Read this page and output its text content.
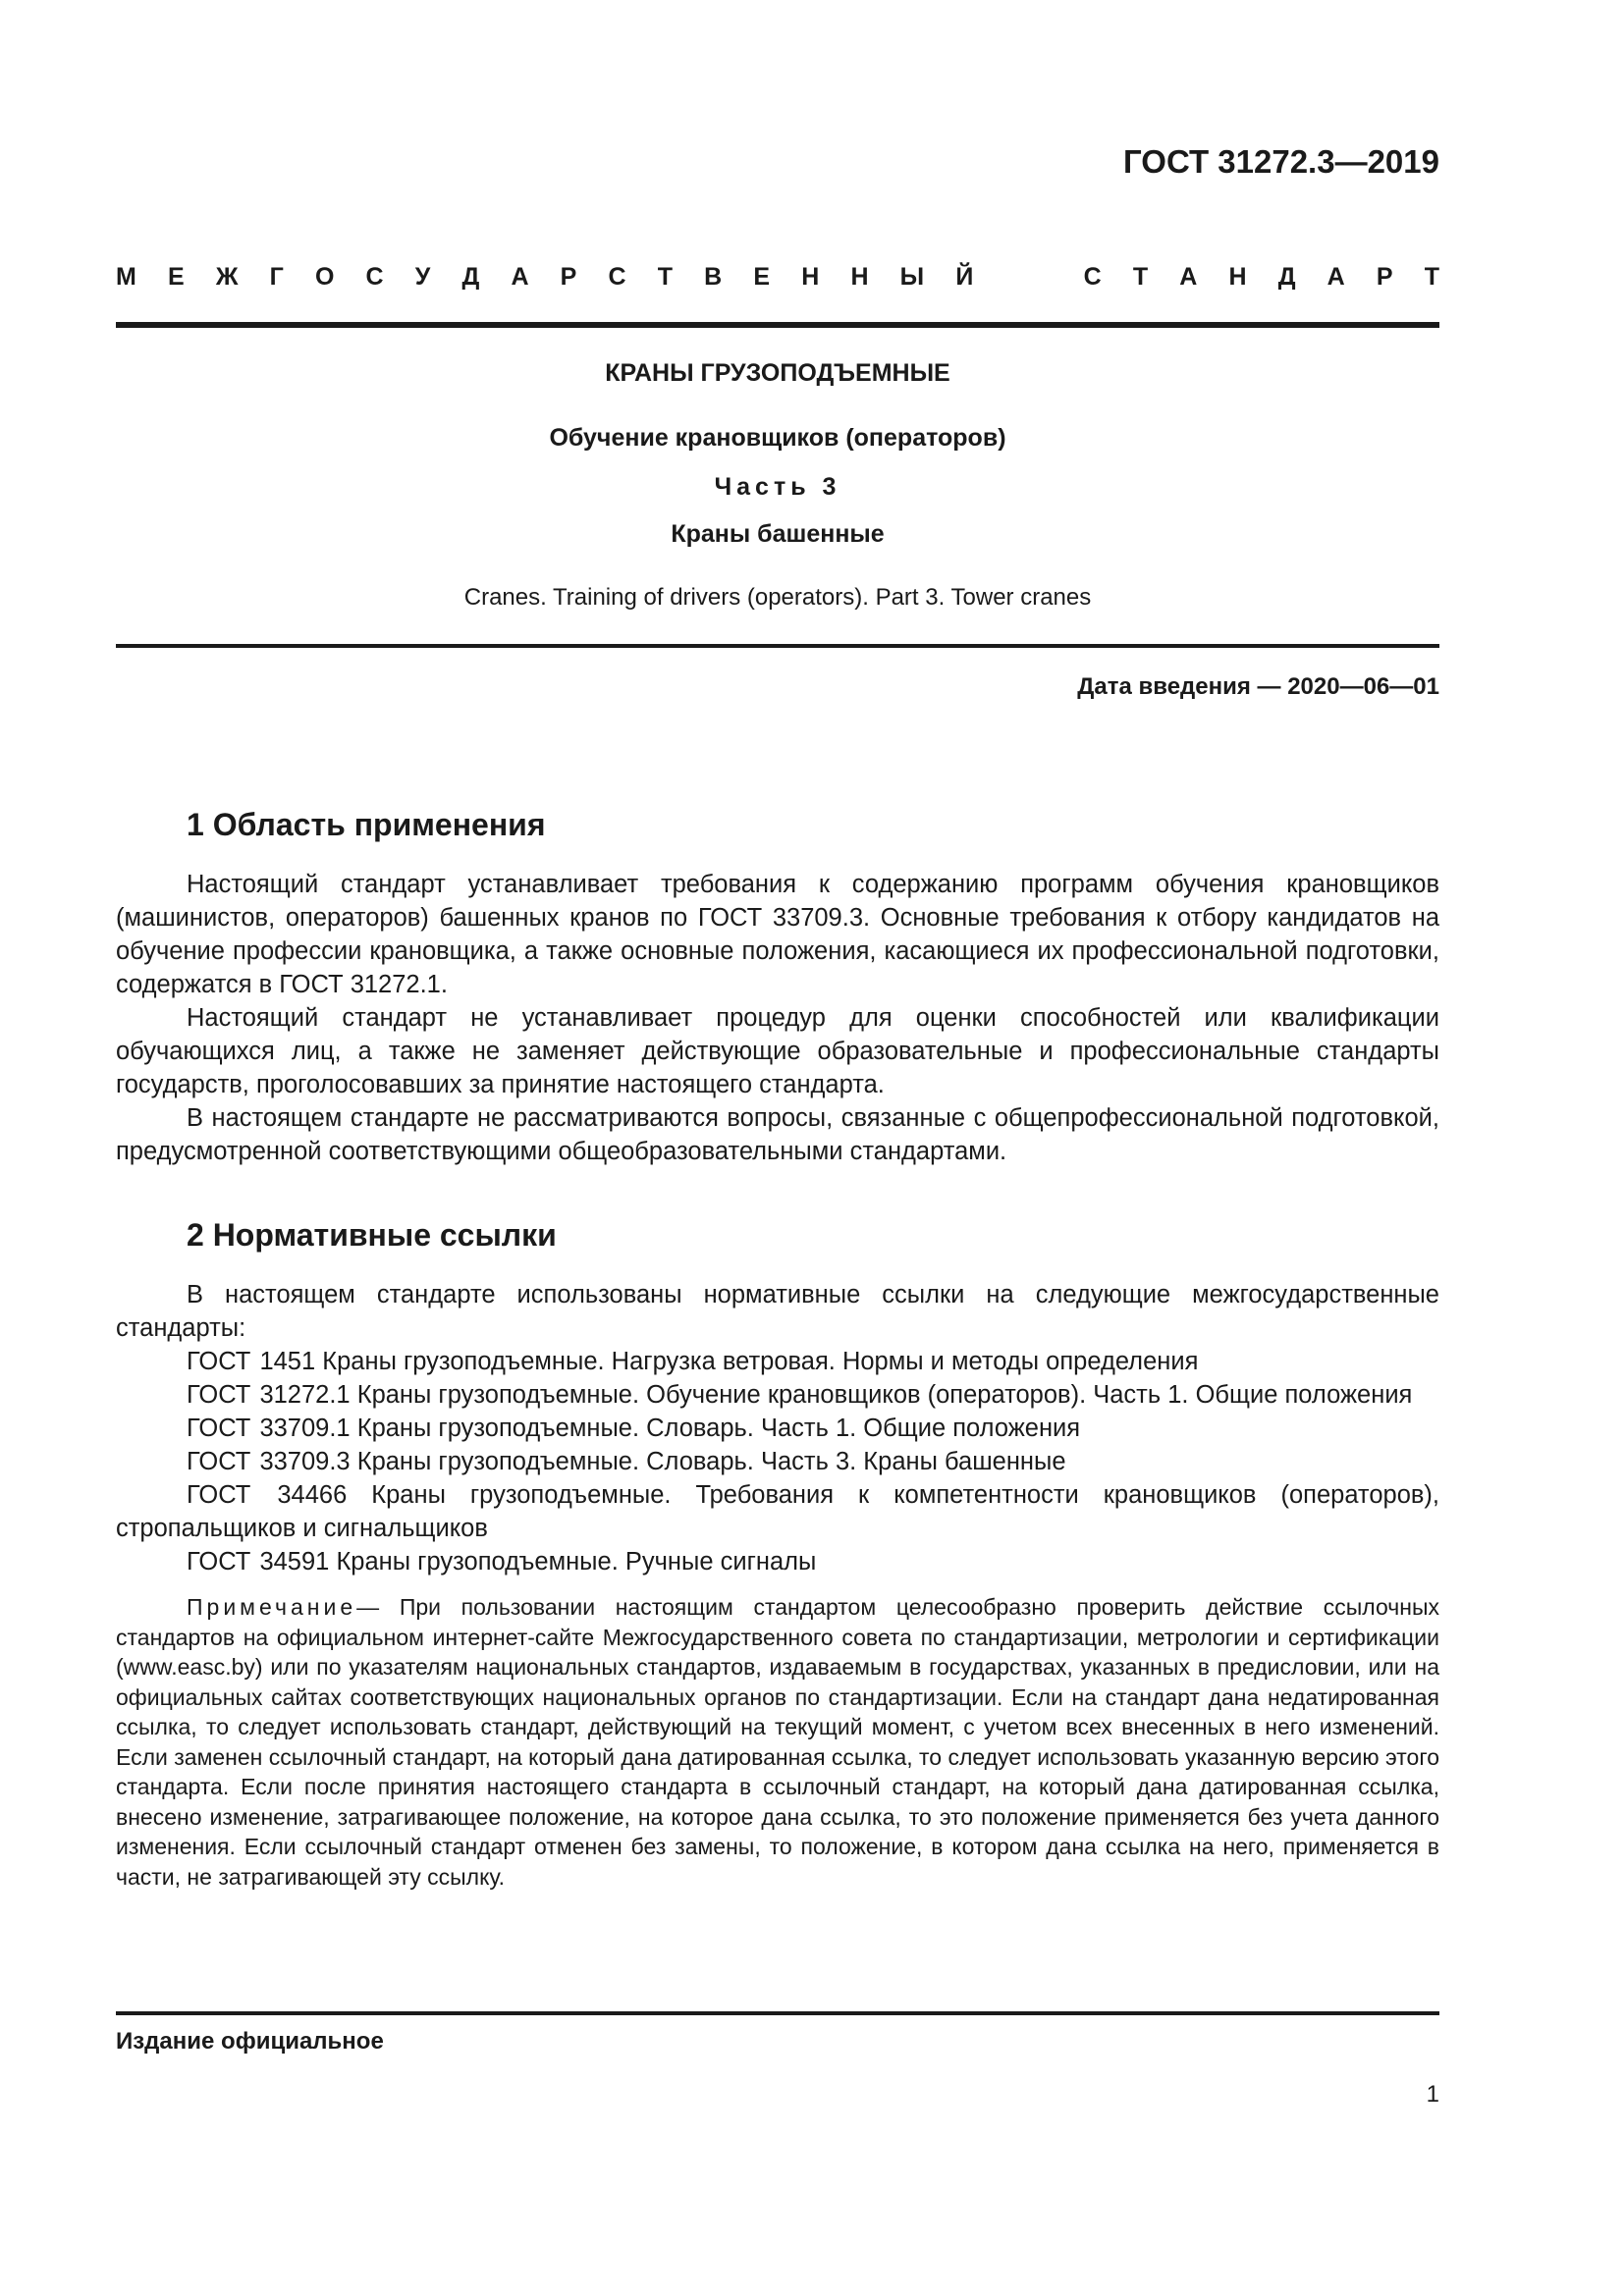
ГОСТ 31272.3—2019
М Е Ж Г О С У Д А Р С Т В Е Н Н Ы Й	С Т А Н Д А Р Т
КРАНЫ ГРУЗОПОДЪЕМНЫЕ
Обучение крановщиков (операторов)
Часть 3
Краны башенные
Cranes. Training of drivers (operators). Part 3. Tower cranes
Дата введения — 2020—06—01
1 Область применения

Настоящий стандарт устанавливает требования к содержанию программ обучения крановщиков (машинистов, операторов) башенных кранов по ГОСТ 33709.3. Основные требования к отбору кандидатов на обучение профессии крановщика, а также основные положения, касающиеся их профессиональной подготовки, содержатся в ГОСТ 31272.1.

Настоящий стандарт не устанавливает процедур для оценки способностей или квалификации обучающихся лиц, а также не заменяет действующие образовательные и профессиональные стандарты государств, проголосовавших за принятие настоящего стандарта.

В настоящем стандарте не рассматриваются вопросы, связанные с общепрофессиональной подготовкой, предусмотренной соответствующими общеобразовательными стандартами.

2 Нормативные ссылки

В настоящем стандарте использованы нормативные ссылки на следующие межгосударственные стандарты:

ГОСТ 1451 Краны грузоподъемные. Нагрузка ветровая. Нормы и методы определения

ГОСТ 31272.1 Краны грузоподъемные. Обучение крановщиков (операторов). Часть 1. Общие положения

ГОСТ 33709.1 Краны грузоподъемные. Словарь. Часть 1. Общие положения

ГОСТ 33709.3 Краны грузоподъемные. Словарь. Часть 3. Краны башенные

ГОСТ 34466 Краны грузоподъемные. Требования к компетентности крановщиков (операторов), стропальщиков и сигнальщиков

ГОСТ 34591 Краны грузоподъемные. Ручные сигналы

Примечание— При пользовании настоящим стандартом целесообразно проверить действие ссылочных стандартов на официальном интернет-сайте Межгосударственного совета по стандартизации, метрологии и сертификации (www.easc.by) или по указателям национальных стандартов, издаваемым в государствах, указанных в предисловии, или на официальных сайтах соответствующих национальных органов по стандартизации. Если на стандарт дана недатированная ссылка, то следует использовать стандарт, действующий на текущий момент, с учетом всех внесенных в него изменений. Если заменен ссылочный стандарт, на который дана датированная ссылка, то следует использовать указанную версию этого стандарта. Если после принятия настоящего стандарта в ссылочный стандарт, на который дана датированная ссылка, внесено изменение, затрагивающее положение, на которое дана ссылка, то это положение применяется без учета данного изменения. Если ссылочный стандарт отменен без замены, то положение, в котором дана ссылка на него, применяется в части, не затрагивающей эту ссылку.
Издание официальное
1
